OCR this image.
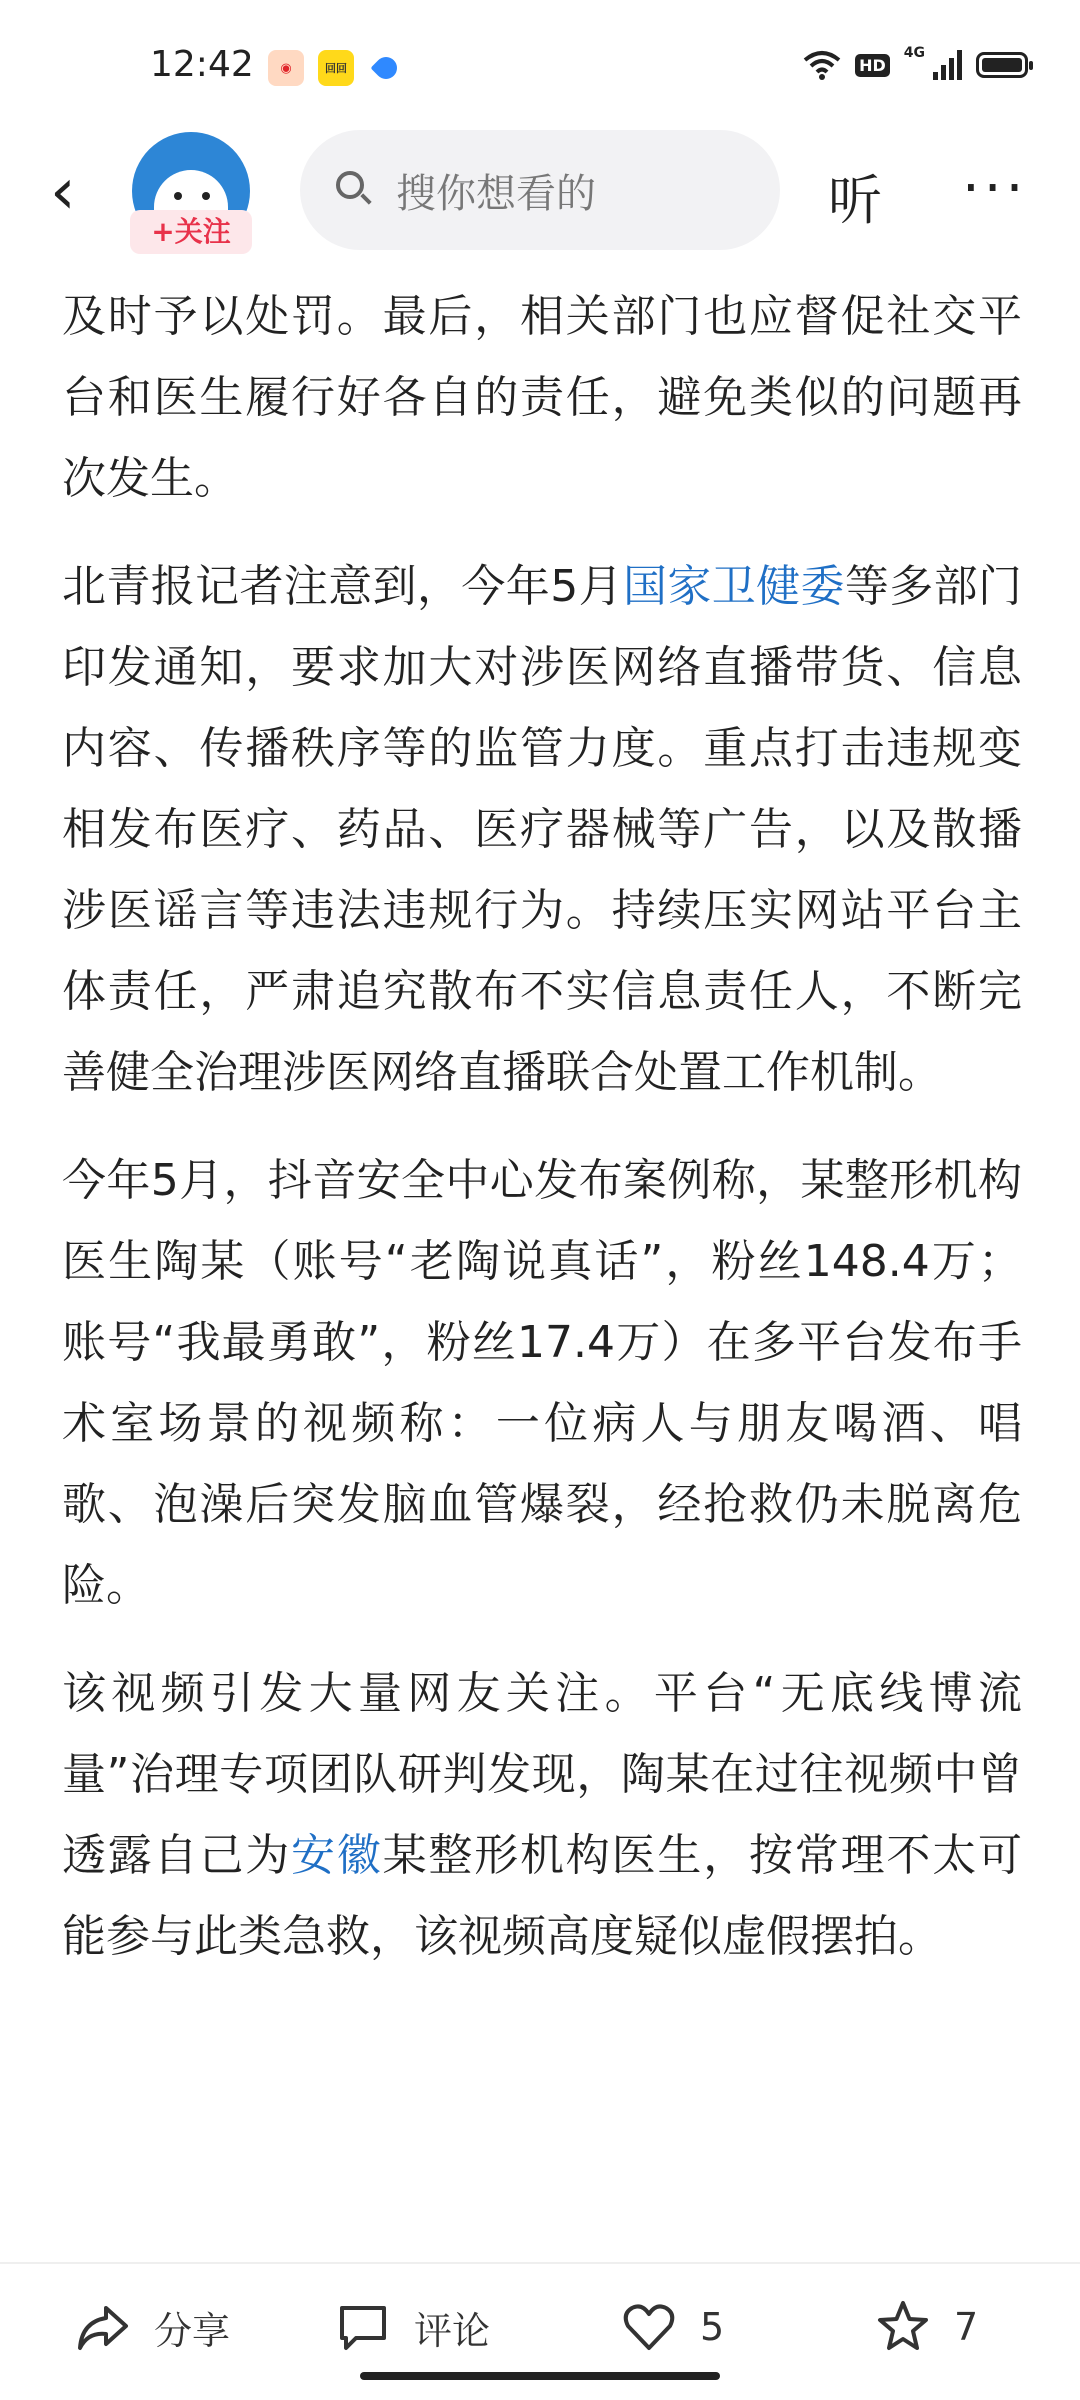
12:42	◉	回回	HD
4G
‹
+关注
搜你想看的	听 ···

及时予以处罚。最后，相关部门也应督促社交平台和医生履行好各自的责任，避免类似的问题再次发生。

北青报记者注意到，今年5月国家卫健委等多部门印发通知，要求加大对涉医网络直播带货、信息内容、传播秩序等的监管力度。重点打击违规变相发布医疗、药品、医疗器械等广告，以及散播涉医谣言等违法违规行为。持续压实网站平台主体责任，严肃追究散布不实信息责任人，不断完善健全治理涉医网络直播联合处置工作机制。

今年5月，抖音安全中心发布案例称，某整形机构医生陶某（账号“老陶说真话”，粉丝148.4万；账号“我最勇敢”，粉丝17.4万）在多平台发布手术室场景的视频称：一位病人与朋友喝酒、唱歌、泡澡后突发脑血管爆裂，经抢救仍未脱离危险。

该视频引发大量网友关注。平台“无底线博流量”治理专项团队研判发现，陶某在过往视频中曾透露自己为安徽某整形机构医生，按常理不太可能参与此类急救，该视频高度疑似虚假摆拍。

分享	评论	5	7
